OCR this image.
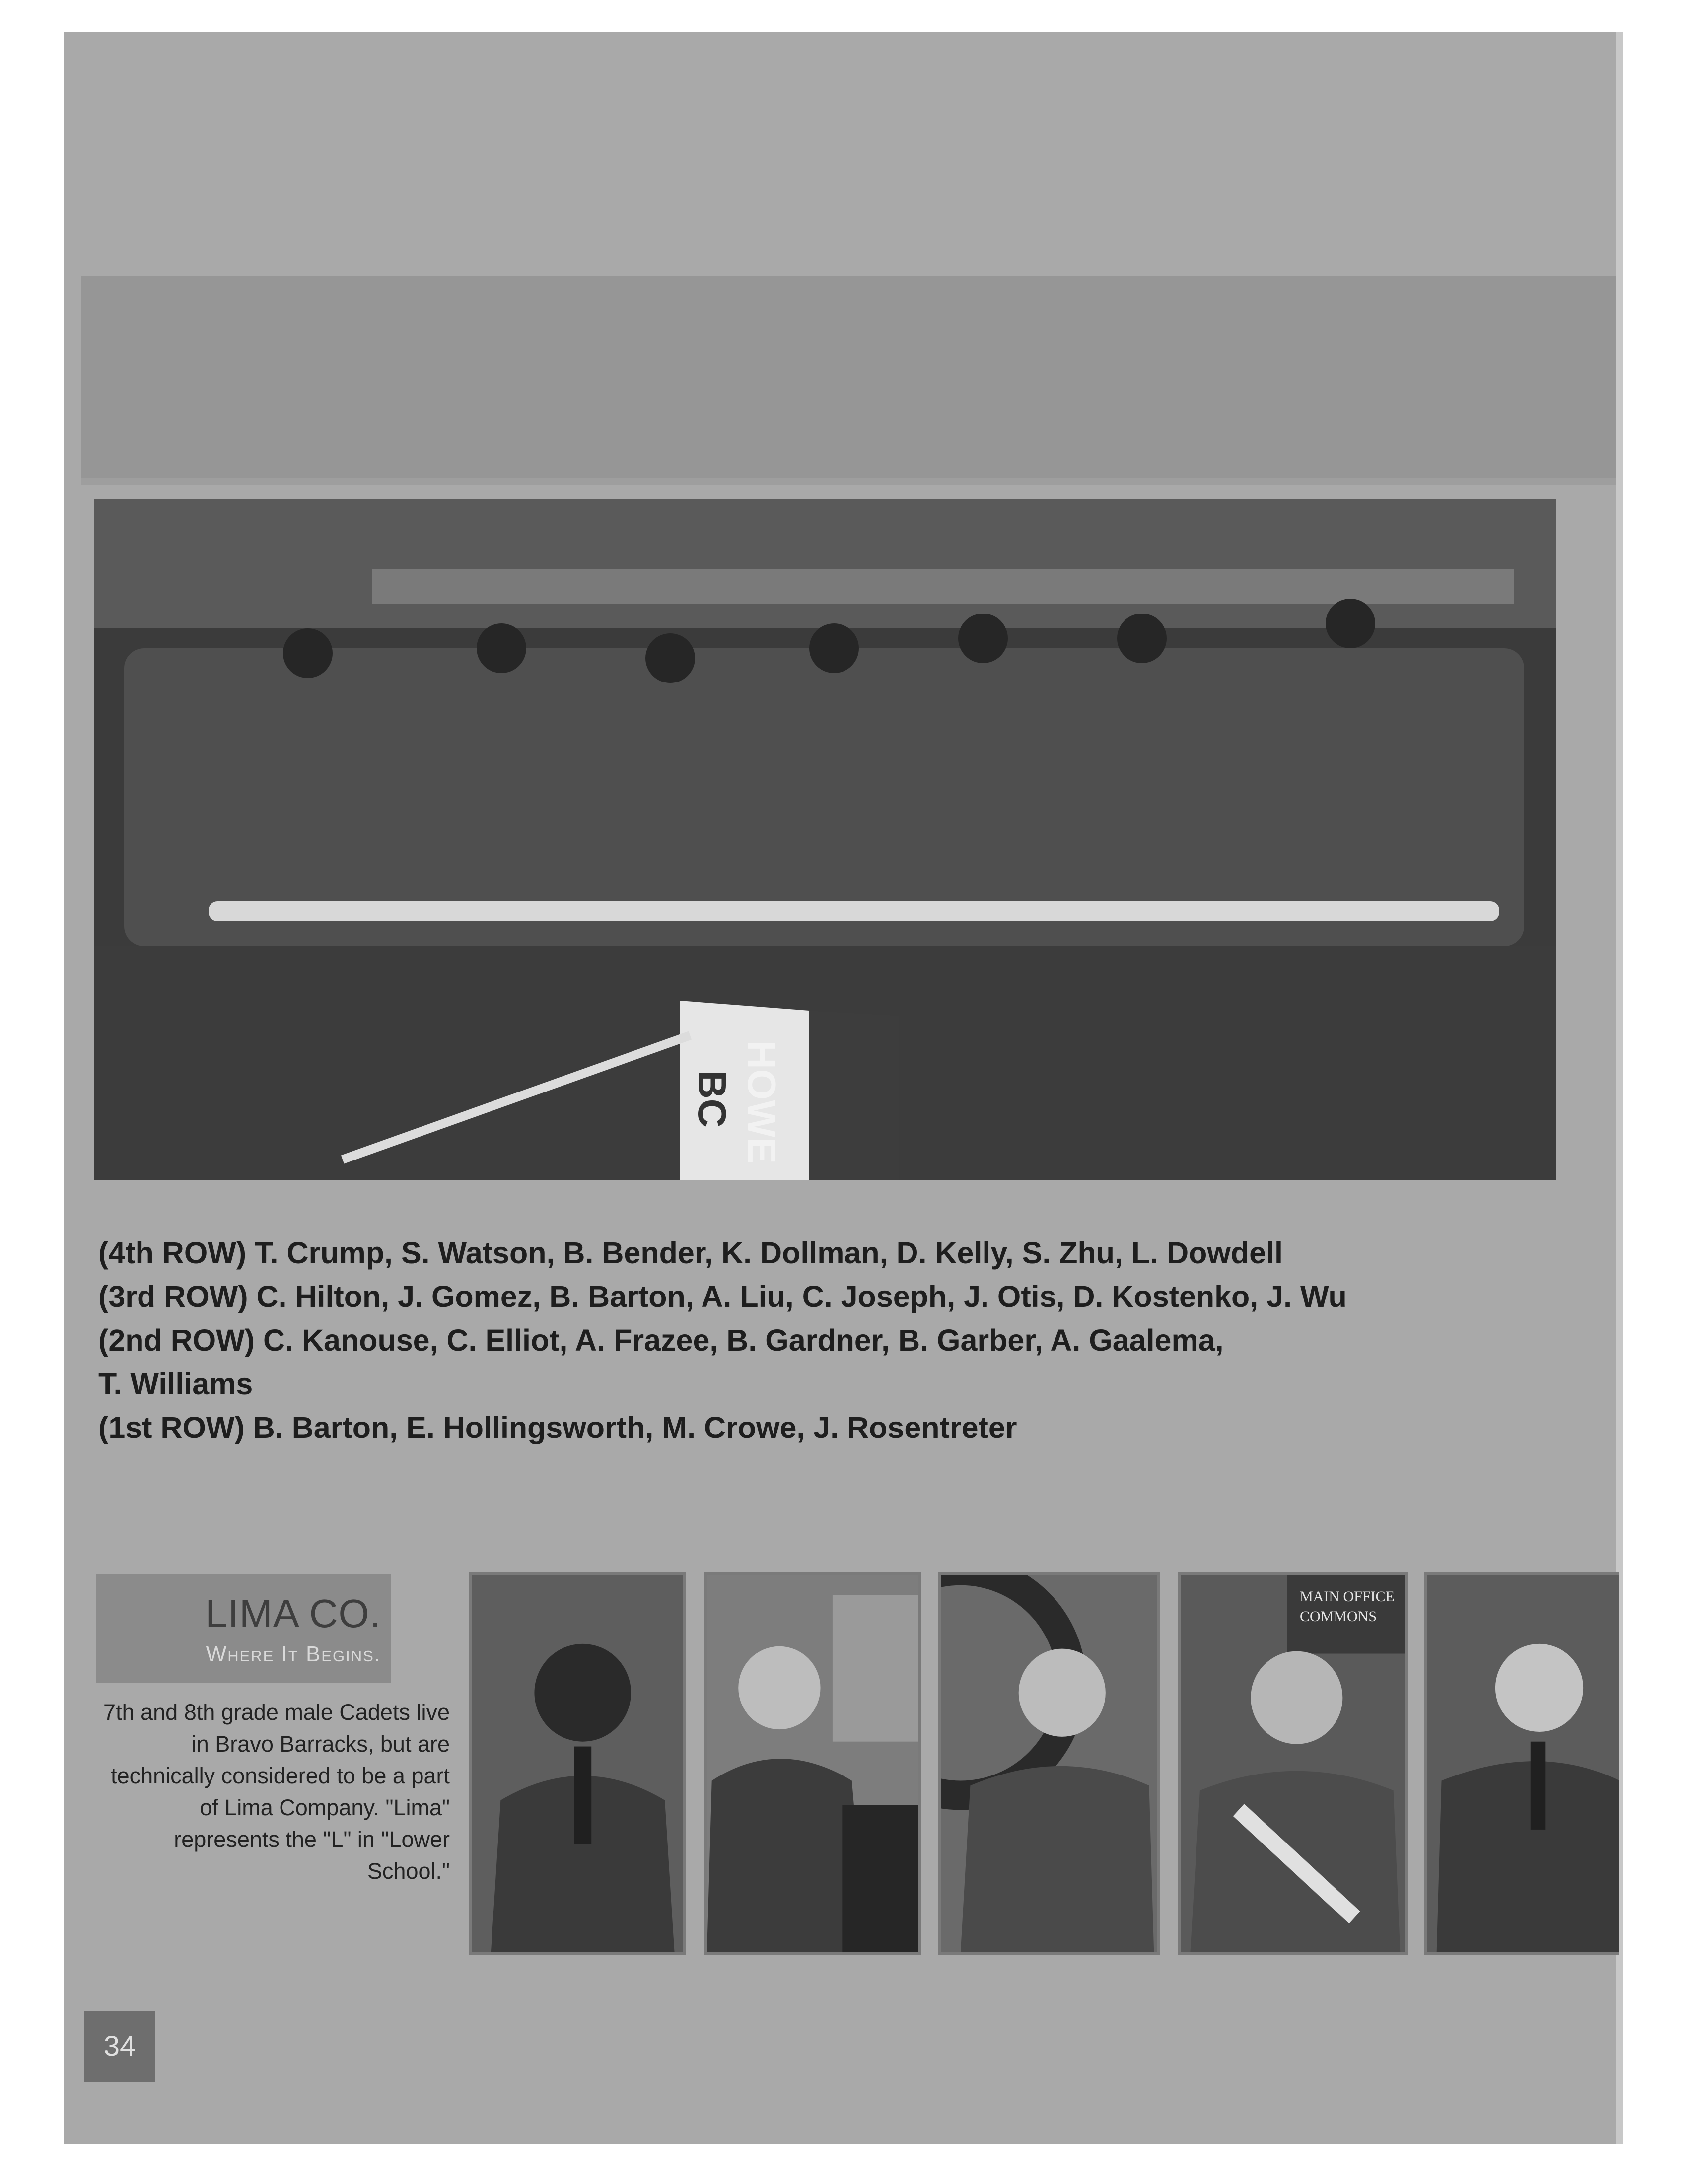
HOWE
BC
(4th ROW) T. Crump, S. Watson, B. Bender, K. Dollman, D. Kelly, S. Zhu, L. Dowdell
(3rd ROW) C. Hilton, J. Gomez, B. Barton, A. Liu, C. Joseph, J. Otis, D. Kostenko, J. Wu
(2nd ROW) C. Kanouse, C. Elliot, A. Frazee, B. Gardner, B. Garber, A. Gaalema,
T. Williams
(1st ROW) B. Barton, E. Hollingsworth, M. Crowe, J. Rosentreter
LIMA CO.
Where It Begins.
7th and 8th grade male Cadets live in Bravo Barracks, but are technically considered to be a part of Lima Company. "Lima" represents the "L" in "Lower School."
MAIN OFFICE
COMMONS
34
